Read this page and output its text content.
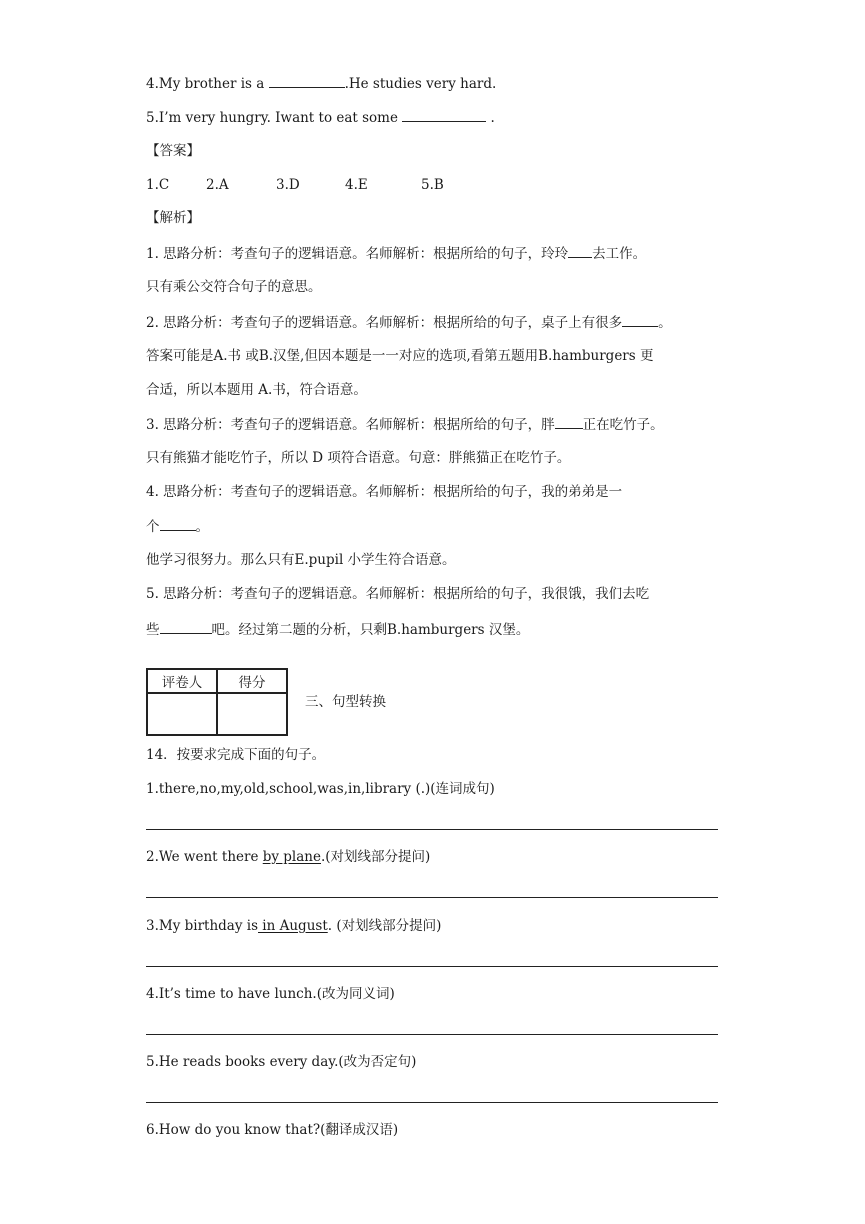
4.My brother is a	.He studies very hard.
5.I’m very hungry. Iwant to eat some	.
【答案】
1.C	2.A	3.D	4.E	5.B
【解析】
1. 思路分析：考查句子的逻辑语意。名师解析：根据所给的句子，玲玲 去工作。
只有乘公交符合句子的意思。
2. 思路分析：考查句子的逻辑语意。名师解析：根据所给的句子，桌子上有很多	。
答案可能是A.书 或B.汉堡,但因本题是一一对应的选项,看第五题用B.hamburgers 更
合适，所以本题用 A.书，符合语意。
3. 思路分析：考查句子的逻辑语意。名师解析：根据所给的句子，胖 正在吃竹子。
只有熊猫才能吃竹子，所以 D 项符合语意。句意：胖熊猫正在吃竹子。
4. 思路分析：考查句子的逻辑语意。名师解析：根据所给的句子，我的弟弟是一
个	。
他学习很努力。那么只有E.pupil 小学生符合语意。
5. 思路分析：考查句子的逻辑语意。名师解析：根据所给的句子，我很饿，我们去吃
些	吧。经过第二题的分析，只剩B.hamburgers 汉堡。
评卷人	得分

三、句型转换
14．按要求完成下面的句子。
1.there,no,my,old,school,was,in,library (.)(连词成句)
2.We went there by plane.(对划线部分提问)
3.My birthday is in August. (对划线部分提问)
4.It’s time to have lunch.(改为同义词)
5.He reads books every day.(改为否定句)
6.How do you know that?(翻译成汉语)
